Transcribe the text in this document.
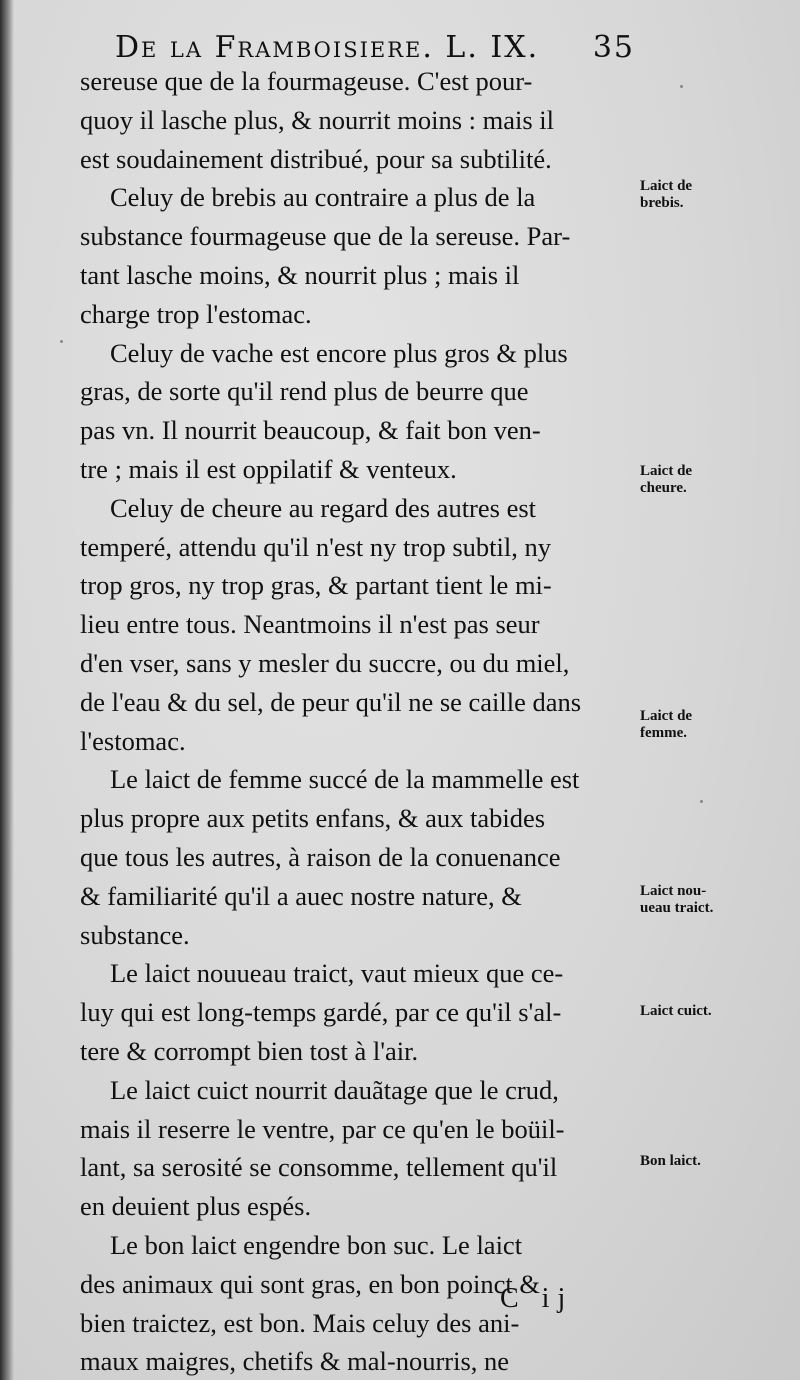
De la Framboisiere. L. IX. 35
sereuse que de la fourmageuse. C'est pour-
quoy il lasche plus, & nourrit moins : mais il
est soudainement distribué, pour sa subtilité.
Celuy de brebis au contraire a plus de la
substance fourmageuse que de la sereuse. Par-
tant lasche moins, & nourrit plus ; mais il
charge trop l'estomac.
Celuy de vache est encore plus gros & plus
gras, de sorte qu'il rend plus de beurre que
pas vn. Il nourrit beaucoup, & fait bon ven-
tre ; mais il est oppilatif & venteux.
Celuy de cheure au regard des autres est
temperé, attendu qu'il n'est ny trop subtil, ny
trop gros, ny trop gras, & partant tient le mi-
lieu entre tous. Neantmoins il n'est pas seur
d'en vser, sans y mesler du succre, ou du miel,
de l'eau & du sel, de peur qu'il ne se caille dans
l'estomac.
Le laict de femme succé de la mammelle est
plus propre aux petits enfans, & aux tabides
que tous les autres, à raison de la conuenance
& familiarité qu'il a auec nostre nature, &
substance.
Le laict nouueau traict, vaut mieux que ce-
luy qui est long-temps gardé, par ce qu'il s'al-
tere & corrompt bien tost à l'air.
Le laict cuict nourrit dauãtage que le crud,
mais il reserre le ventre, par ce qu'en le boüil-
lant, sa serosité se consomme, tellement qu'il
en deuient plus espés.
Le bon laict engendre bon suc. Le laict
des animaux qui sont gras, en bon poinct &
bien traictez, est bon. Mais celuy des ani-
maux maigres, chetifs & mal-nourris, ne
Laict de
brebis.
Laict de
cheure.
Laict de
femme.
Laict nou-
ueau traict.
Laict cuict.
Bon laict.
C ij
